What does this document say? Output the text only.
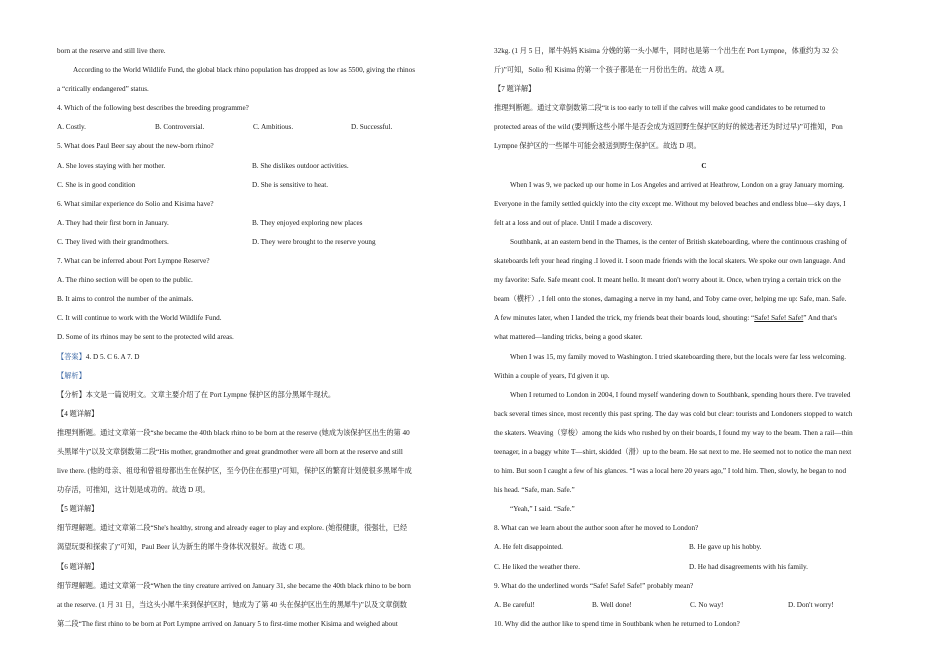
born at the reserve and still live there.
According to the World Wildlife Fund, the global black rhino population has dropped as low as 5500, giving the rhinos
a “critically endangered” status.
4. Which of the following best describes the breeding programme?
A. Costly.	B. Controversial.	C. Ambitious.	D. Successful.
5. What does Paul Beer say about the new-born rhino?
A. She loves staying with her mother.	B. She dislikes outdoor activities.
C. She is in good condition	D. She is sensitive to heat.
6. What similar experience do Solio and Kisima have?
A. They had their first born in January.	B. They enjoyed exploring new places
C. They lived with their grandmothers.	D. They were brought to the reserve young
7. What can be inferred about Port Lympne Reserve?
A. The rhino section will be open to the public.
B. It aims to control the number of the animals.
C. It will continue to work with the World Wildlife Fund.
D. Some of its rhinos may be sent to the protected wild areas.
【答案】4. D 5. C 6. A 7. D
【解析】
【分析】本文是一篇说明文。文章主要介绍了在 Port Lympne 保护区的部分黑犀牛现状。
【4 题详解】
推理判断题。通过文章第一段“she became the 40th black rhino to be born at the reserve (她成为该保护区出生的第 40
头黑犀牛)”以及文章倒数第二段“His mother, grandmother and great grandmother were all born at the reserve and still
live there. (他的母亲、祖母和曾祖母都出生在保护区，至今仍住在那里)”可知，保护区的繁育计划使很多黑犀牛成
功存活，可推知，这计划是成功的。故选 D 项。
【5 题详解】
细节理解题。通过文章第二段“She's healthy, strong and already eager to play and explore. (她很健康，很强壮，已经
渴望玩耍和探索了)”可知，Paul Beer 认为新生的犀牛身体状况很好。故选 C 项。
【6 题详解】
细节理解题。通过文章第一段“When the tiny creature arrived on January 31, she became the 40th black rhino to be born
at the reserve. (1 月 31 日，当这头小犀牛来到保护区时，她成为了第 40 头在保护区出生的黑犀牛)”以及文章倒数
第二段“The first rhino to be born at Port Lympne arrived on January 5 to first-time mother Kisima and weighed about
32kg. (1 月 5 日，犀牛妈妈 Kisima 分娩的第一头小犀牛，同时也是第一个出生在 Port Lympne，体重约为 32 公
斤)”可知，Solio 和 Kisima 的第一个孩子都是在一月份出生的。故选 A 项。
【7 题详解】
推理判断题。通过文章倒数第二段“it is too early to tell if the calves will make good candidates to be returned to
protected areas of the wild (要判断这些小犀牛是否会成为返回野生保护区的好的候选者还为时过早)”可推知，Pon
Lympne 保护区的一些犀牛可能会被送到野生保护区。故选 D 项。
C
When I was 9, we packed up our home in Los Angeles and arrived at Heathrow, London on a gray January morning.
Everyone in the family settled quickly into the city except me. Without my beloved beaches and endless blue—sky days, I
felt at a loss and out of place. Until I made a discovery.
Southbank, at an eastern bend in the Thames, is the center of British skateboarding, where the continuous crashing of
skateboards left your head ringing .I loved it. I soon made friends with the local skaters. We spoke our own language. And
my favorite: Safe. Safe meant cool. It meant hello. It meant don't worry about it. Once, when trying a certain trick on the
beam（横杆）, I fell onto the stones, damaging a nerve in my hand, and Toby came over, helping me up: Safe, man. Safe.
A few minutes later, when I landed the trick, my friends beat their boards loud, shouting: “Safe! Safe! Safe!” And that's
what mattered—landing tricks, being a good skater.
When I was 15, my family moved to Washington. I tried skateboarding there, but the locals were far less welcoming.
Within a couple of years, I'd given it up.
When I returned to London in 2004, I found myself wandering down to Southbank, spending hours there. I've traveled
back several times since, most recently this past spring. The day was cold but clear: tourists and Londoners stopped to watch
the skaters. Weaving（穿梭）among the kids who rushed by on their boards, I found my way to the beam. Then a rail—thin
teenager, in a baggy white T—shirt, skidded（滑）up to the beam. He sat next to me. He seemed not to notice the man next
to him. But soon I caught a few of his glances. “I was a local here 20 years ago,” I told him. Then, slowly, he began to nod
his head. “Safe, man. Safe.”
“Yeah,” I said. “Safe.”
8. What can we learn about the author soon after he moved to London?
A. He felt disappointed.	B. He gave up his hobby.
C. He liked the weather there.	D. He had disagreements with his family.
9. What do the underlined words “Safe! Safe! Safe!” probably mean?
A. Be careful!	B. Well done!	C. No way!	D. Don't worry!
10. Why did the author like to spend time in Southbank when he returned to London?
